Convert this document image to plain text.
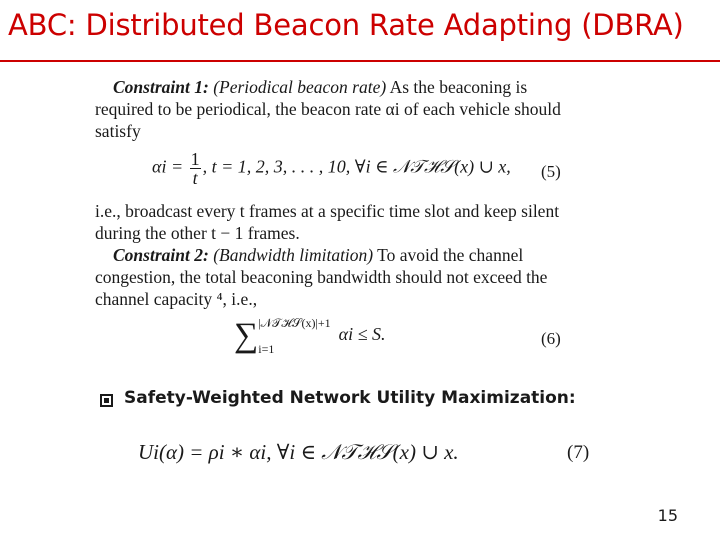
ABC: Distributed Beacon Rate Adapting (DBRA)

Constraint 1: (Periodical beacon rate) As the beaconing is required to be periodical, the beacon rate αi of each vehicle should satisfy

$\alpha i = \frac{1}{t}$ , t = 1, 2, 3, . . . , 10, ∀i ∈ 𝒩𝒯ℋ𝒮(x) ∪ x, (5)

i.e., broadcast every t frames at a specific time slot and keep silent during the other t − 1 frames.

Constraint 2: (Bandwidth limitation) To avoid the channel congestion, the total beaconing bandwidth should not exceed the channel capacity ⁴, i.e.,

∑ |𝒩𝒯ℋ𝒮(x)|+1
i=1
αi ≤ S.	(6)
Safety-Weighted Network Utility Maximization:
Ui(α) = ρi ∗ αi, ∀i ∈ 𝒩𝒯ℋ𝒮(x) ∪ x.	(7)
15
